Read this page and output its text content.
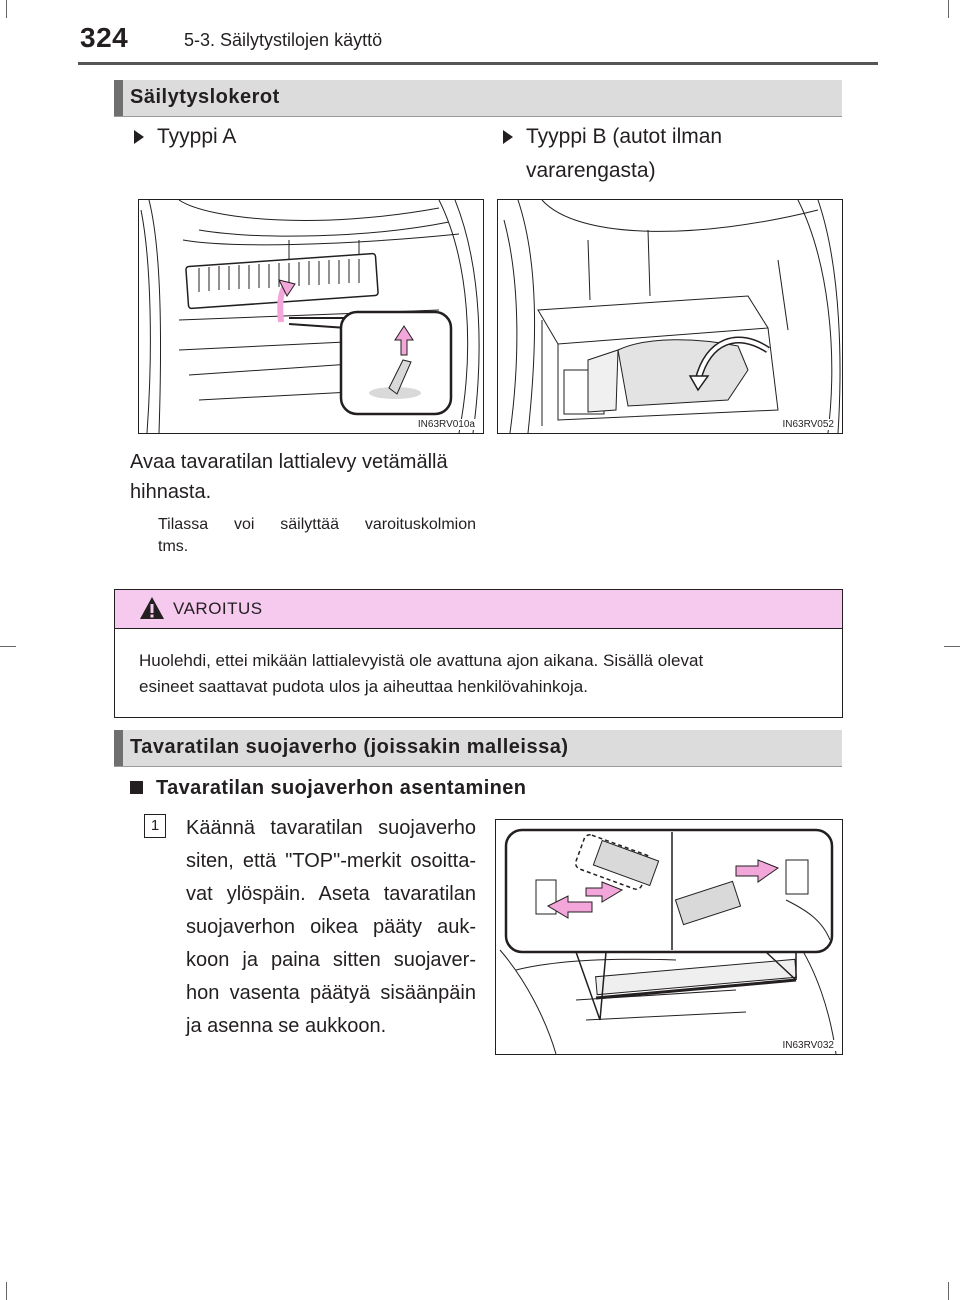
324	5-3. Säilytystilojen käyttö
Säilytyslokerot
Tyyppi A	Tyyppi B (autot ilman
vararengasta)
IN63RV010a	IN63RV052
Avaa tavaratilan lattialevy vetämällä
hihnasta.
Tilassa voi säilyttää varoituskolmion
tms.
VAROITUS
Huolehdi, ettei mikään lattialevyistä ole avattuna ajon aikana. Sisällä olevat
esineet saattavat pudota ulos ja aiheuttaa henkilövahinkoja.
Tavaratilan suojaverho (joissakin malleissa)
Tavaratilan suojaverhon asentaminen
1	Käännä tavaratilan suojaverho siten, että "TOP"-merkit osoitta-vat ylöspäin. Aseta tavaratilan suojaverhon oikea pääty auk-koon ja paina sitten suojaver-hon vasenta päätyä sisäänpäin ja asenna se aukkoon.
IN63RV032
